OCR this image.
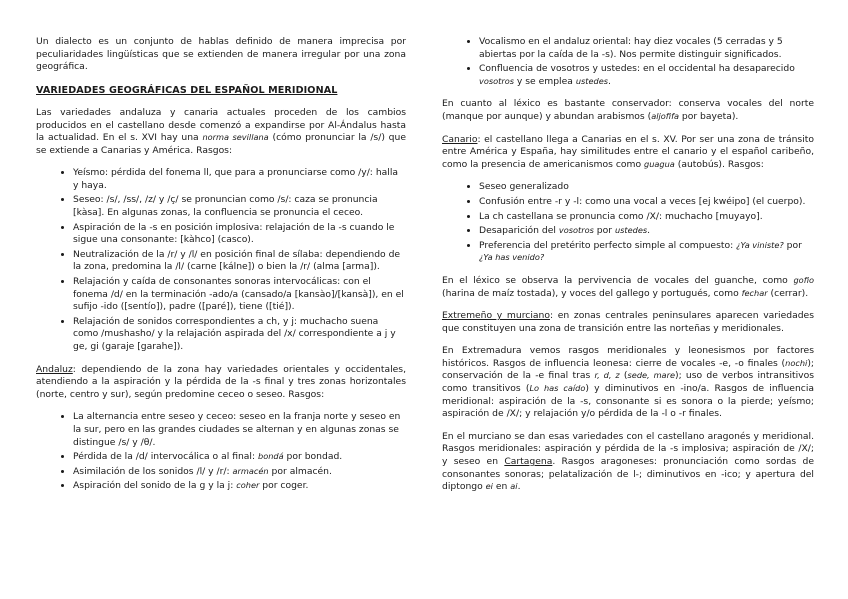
Un dialecto es un conjunto de hablas definido de manera imprecisa por peculiaridades lingüísticas que se extienden de manera irregular por una zona geográfica.

VARIEDADES GEOGRÁFICAS DEL ESPAÑOL MERIDIONAL

Las variedades andaluza y canaria actuales proceden de los cambios producidos en el castellano desde comenzó a expandirse por Al-Ándalus hasta la actualidad. En el s. XVI hay una norma sevillana (cómo pronunciar la /s/) que se extiende a Canarias y América. Rasgos:

• Yeísmo: pérdida del fonema ll, que para a pronunciarse como /y/: halla y haya.
• Seseo: /s/, /ss/, /z/ y /ç/ se pronuncian como /s/: caza se pronuncia [kàsa]. En algunas zonas, la confluencia se pronuncia el ceceo.
• Aspiración de la -s en posición implosiva: relajación de la -s cuando le sigue una consonante: [kàhco] (casco).
• Neutralización de la /r/ y /l/ en posición final de sílaba: dependiendo de la zona, predomina la /l/ (carne [kálne]) o bien la /r/ (alma [arma]).
• Relajación y caída de consonantes sonoras intervocálicas: con el fonema /d/ en la terminación -ado/a (cansado/a [kansào]/[kansà]), en el sufijo -ido ([sentío]), padre ([paré]), tiene ([tié]).
• Relajación de sonidos correspondientes a ch, y j: muchacho suena como /mushasho/ y la relajación aspirada del /x/ correspondiente a j y ge, gi (garaje [garahe]).

Andaluz: dependiendo de la zona hay variedades orientales y occidentales, atendiendo a la aspiración y la pérdida de la -s final y tres zonas horizontales (norte, centro y sur), según predomine ceceo o seseo. Rasgos:

• La alternancia entre seseo y ceceo: seseo en la franja norte y seseo en la sur, pero en las grandes ciudades se alternan y en algunas zonas se distingue /s/ y /θ/.
• Pérdida de la /d/ intervocálica o al final: bondá por bondad.
• Asimilación de los sonidos /l/ y /r/: armacén por almacén.
• Aspiración del sonido de la g y la j: coher por coger.
• Vocalismo en el andaluz oriental: hay diez vocales (5 cerradas y 5 abiertas por la caída de la -s). Nos permite distinguir significados.
• Confluencia de vosotros y ustedes: en el occidental ha desaparecido vosotros y se emplea ustedes.

En cuanto al léxico es bastante conservador: conserva vocales del norte (manque por aunque) y abundan arabismos (aljofifa por bayeta).

Canario: el castellano llega a Canarias en el s. XV. Por ser una zona de tránsito entre América y España, hay similitudes entre el canario y el español caribeño, como la presencia de americanismos como guagua (autobús). Rasgos:

• Seseo generalizado
• Confusión entre -r y -l: como una vocal a veces [ej kwéipo] (el cuerpo).
• La ch castellana se pronuncia como /X/: muchacho [muyayo].
• Desaparición del vosotros por ustedes.
• Preferencia del pretérito perfecto simple al compuesto: ¿Ya viniste? por ¿Ya has venido?

En el léxico se observa la pervivencia de vocales del guanche, como gofio (harina de maíz tostada), y voces del gallego y portugués, como fechar (cerrar).

Extremeño y murciano: en zonas centrales peninsulares aparecen variedades que constituyen una zona de transición entre las norteñas y meridionales.

En Extremadura vemos rasgos meridionales y leonesismos por factores históricos. Rasgos de influencia leonesa: cierre de vocales -e, -o finales (nochi); conservación de la -e final tras r, d, z (sede, mare); uso de verbos intransitivos como transitivos (Lo has caído) y diminutivos en -ino/a. Rasgos de influencia meridional: aspiración de la -s, consonante si es sonora o la pierde; yeísmo; aspiración de /X/; y relajación y/o pérdida de la -l o -r finales.

En el murciano se dan esas variedades con el castellano aragonés y meridional. Rasgos meridionales: aspiración y pérdida de la -s implosiva; aspiración de /X/; y seseo en Cartagena. Rasgos aragoneses: pronunciación como sordas de consonantes sonoras; pelatalización de l-; diminutivos en -ico; y apertura del diptongo ei en ai.
